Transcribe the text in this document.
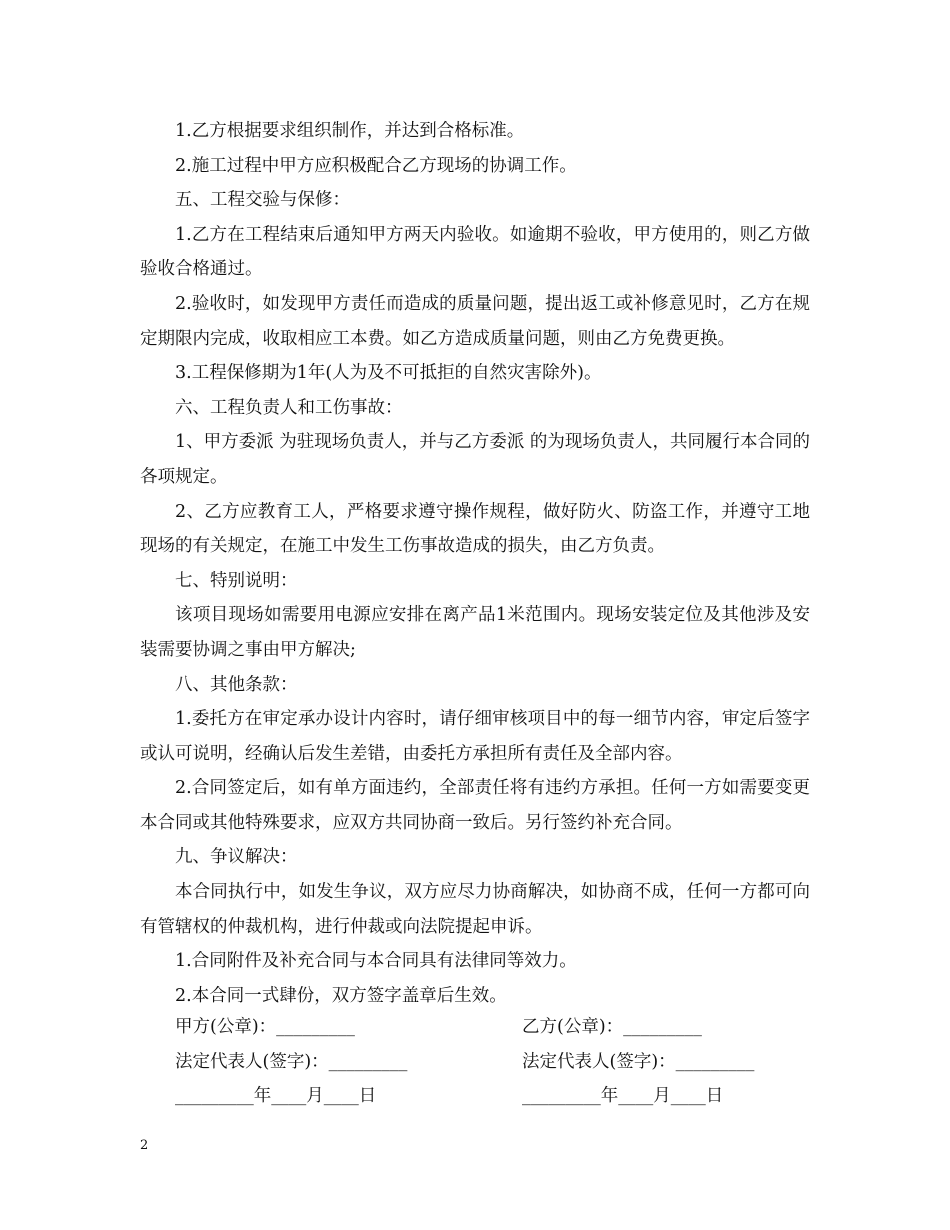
1.乙方根据要求组织制作，并达到合格标准。

2.施工过程中甲方应积极配合乙方现场的协调工作。

五、工程交验与保修：

1.乙方在工程结束后通知甲方两天内验收。如逾期不验收，甲方使用的，则乙方做验收合格通过。

2.验收时，如发现甲方责任而造成的质量问题，提出返工或补修意见时，乙方在规定期限内完成，收取相应工本费。如乙方造成质量问题，则由乙方免费更换。

3.工程保修期为1年(人为及不可抵拒的自然灾害除外)。

六、工程负责人和工伤事故：

1、甲方委派 为驻现场负责人，并与乙方委派 的为现场负责人，共同履行本合同的各项规定。

2、乙方应教育工人，严格要求遵守操作规程，做好防火、防盗工作，并遵守工地现场的有关规定，在施工中发生工伤事故造成的损失，由乙方负责。

七、特别说明：

该项目现场如需要用电源应安排在离产品1米范围内。现场安装定位及其他涉及安装需要协调之事由甲方解决;

八、其他条款：

1.委托方在审定承办设计内容时，请仔细审核项目中的每一细节内容，审定后签字或认可说明，经确认后发生差错，由委托方承担所有责任及全部内容。

2.合同签定后，如有单方面违约，全部责任将有违约方承担。任何一方如需要变更本合同或其他特殊要求，应双方共同协商一致后。另行签约补充合同。

九、争议解决：

本合同执行中，如发生争议，双方应尽力协商解决，如协商不成，任何一方都可向有管辖权的仲裁机构，进行仲裁或向法院提起申诉。

1.合同附件及补充合同与本合同具有法律同等效力。

2.本合同一式肆份，双方签字盖章后生效。

甲方(公章)：_________	乙方(公章)：_________
法定代表人(签字)：_________	法定代表人(签字)：_________
_________年____月____日	_________年____月____日
2
